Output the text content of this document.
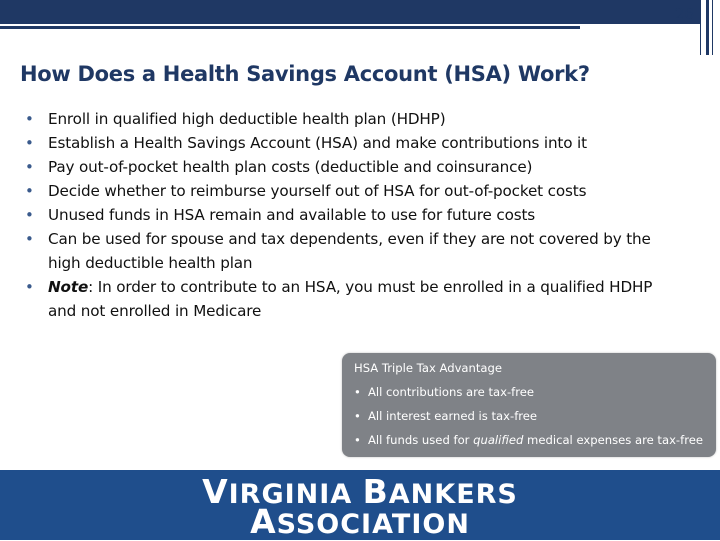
26
How Does a Health Savings Account (HSA) Work?
• Enroll in qualified high deductible health plan (HDHP)
• Establish a Health Savings Account (HSA) and make contributions into it
• Pay out-of-pocket health plan costs (deductible and coinsurance)
• Decide whether to reimburse yourself out of HSA for out-of-pocket costs
• Unused funds in HSA remain and available to use for future costs
• Can be used for spouse and tax dependents, even if they are not covered by the high deductible health plan
• Note: In order to contribute to an HSA, you must be enrolled in a qualified HDHP and not enrolled in Medicare
HSA Triple Tax Advantage
• All contributions are tax-free
• All interest earned is tax-free
• All funds used for qualified medical expenses are tax-free
VIRGINIA BANKERS
ASSOCIATION
